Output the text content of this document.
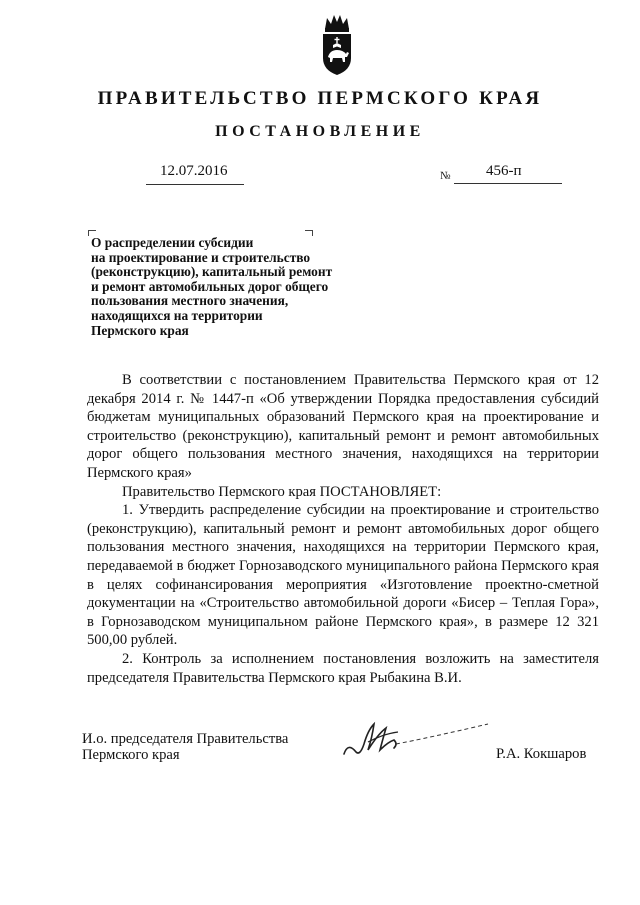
ПРАВИТЕЛЬСТВО ПЕРМСКОГО КРАЯ
ПОСТАНОВЛЕНИЕ
12.07.2016	№ 456-п
О распределении субсидии
на проектирование и строительство
(реконструкцию), капитальный ремонт
и ремонт автомобильных дорог общего
пользования местного значения,
находящихся на территории
Пермского края

В соответствии с постановлением Правительства Пермского края от 12 декабря 2014 г. № 1447-п «Об утверждении Порядка предоставления субсидий бюджетам муниципальных образований Пермского края на проектирование и строительство (реконструкцию), капитальный ремонт и ремонт автомобильных дорог общего пользования местного значения, находящихся на территории Пермского края»

Правительство Пермского края ПОСТАНОВЛЯЕТ:

1. Утвердить распределение субсидии на проектирование и строительство (реконструкцию), капитальный ремонт и ремонт автомобильных дорог общего пользования местного значения, находящихся на территории Пермского края, передаваемой в бюджет Горнозаводского муниципального района Пермского края в целях софинансирования мероприятия «Изготовление проектно-сметной документации на «Строительство автомобильной дороги «Бисер – Теплая Гора», в Горнозаводском муниципальном районе Пермского края», в размере 12 321 500,00 рублей.

2. Контроль за исполнением постановления возложить на заместителя председателя Правительства Пермского края Рыбакина В.И.

И.о. председателя Правительства
Пермского края	Р.А. Кокшаров
